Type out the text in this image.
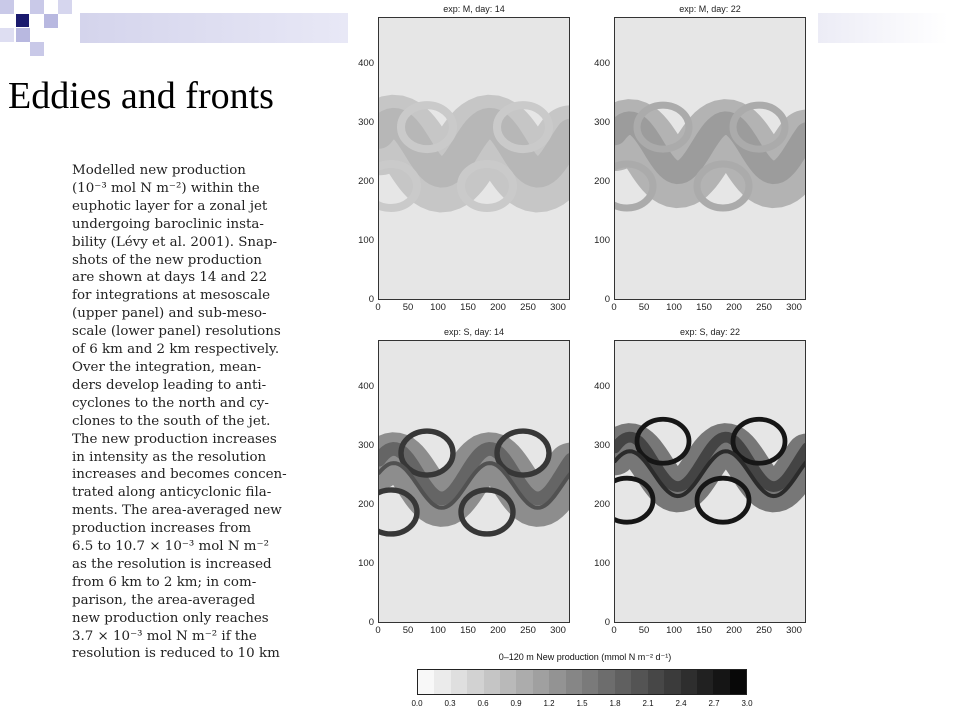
Eddies and fronts
Modelled new production
(10⁻³ mol N m⁻²) within the
euphotic layer for a zonal jet
undergoing baroclinic insta-
bility (Lévy et al. 2001). Snap-
shots of the new production
are shown at days 14 and 22
for integrations at mesoscale
(upper panel) and sub-meso-
scale (lower panel) resolutions
of 6 km and 2 km respectively.
Over the integration, mean-
ders develop leading to anti-
cyclones to the north and cy-
clones to the south of the jet.
The new production increases
in intensity as the resolution
increases and becomes concen-
trated along anticyclonic fila-
ments. The area-averaged new
production increases from
6.5 to 10.7 × 10⁻³ mol N m⁻²
as the resolution is increased
from 6 km to 2 km; in com-
parison, the area-averaged
new production only reaches
3.7 × 10⁻³ mol N m⁻² if the
resolution is reduced to 10 km
exp: M, day: 14
0	50	100	150	200	250	300
0
100
200
300
400
exp: M, day: 22
0	50	100	150	200	250	300
0
100
200
300
400
exp: S, day: 14
0	50	100	150	200	250	300
0
100
200
300
400
exp: S, day: 22
0	50	100	150	200	250	300
0
100
200
300
400
0–120 m New production (mmol N m⁻² d⁻¹)
0.0	0.3	0.6	0.9	1.2	1.5	1.8	2.1	2.4	2.7	3.0
